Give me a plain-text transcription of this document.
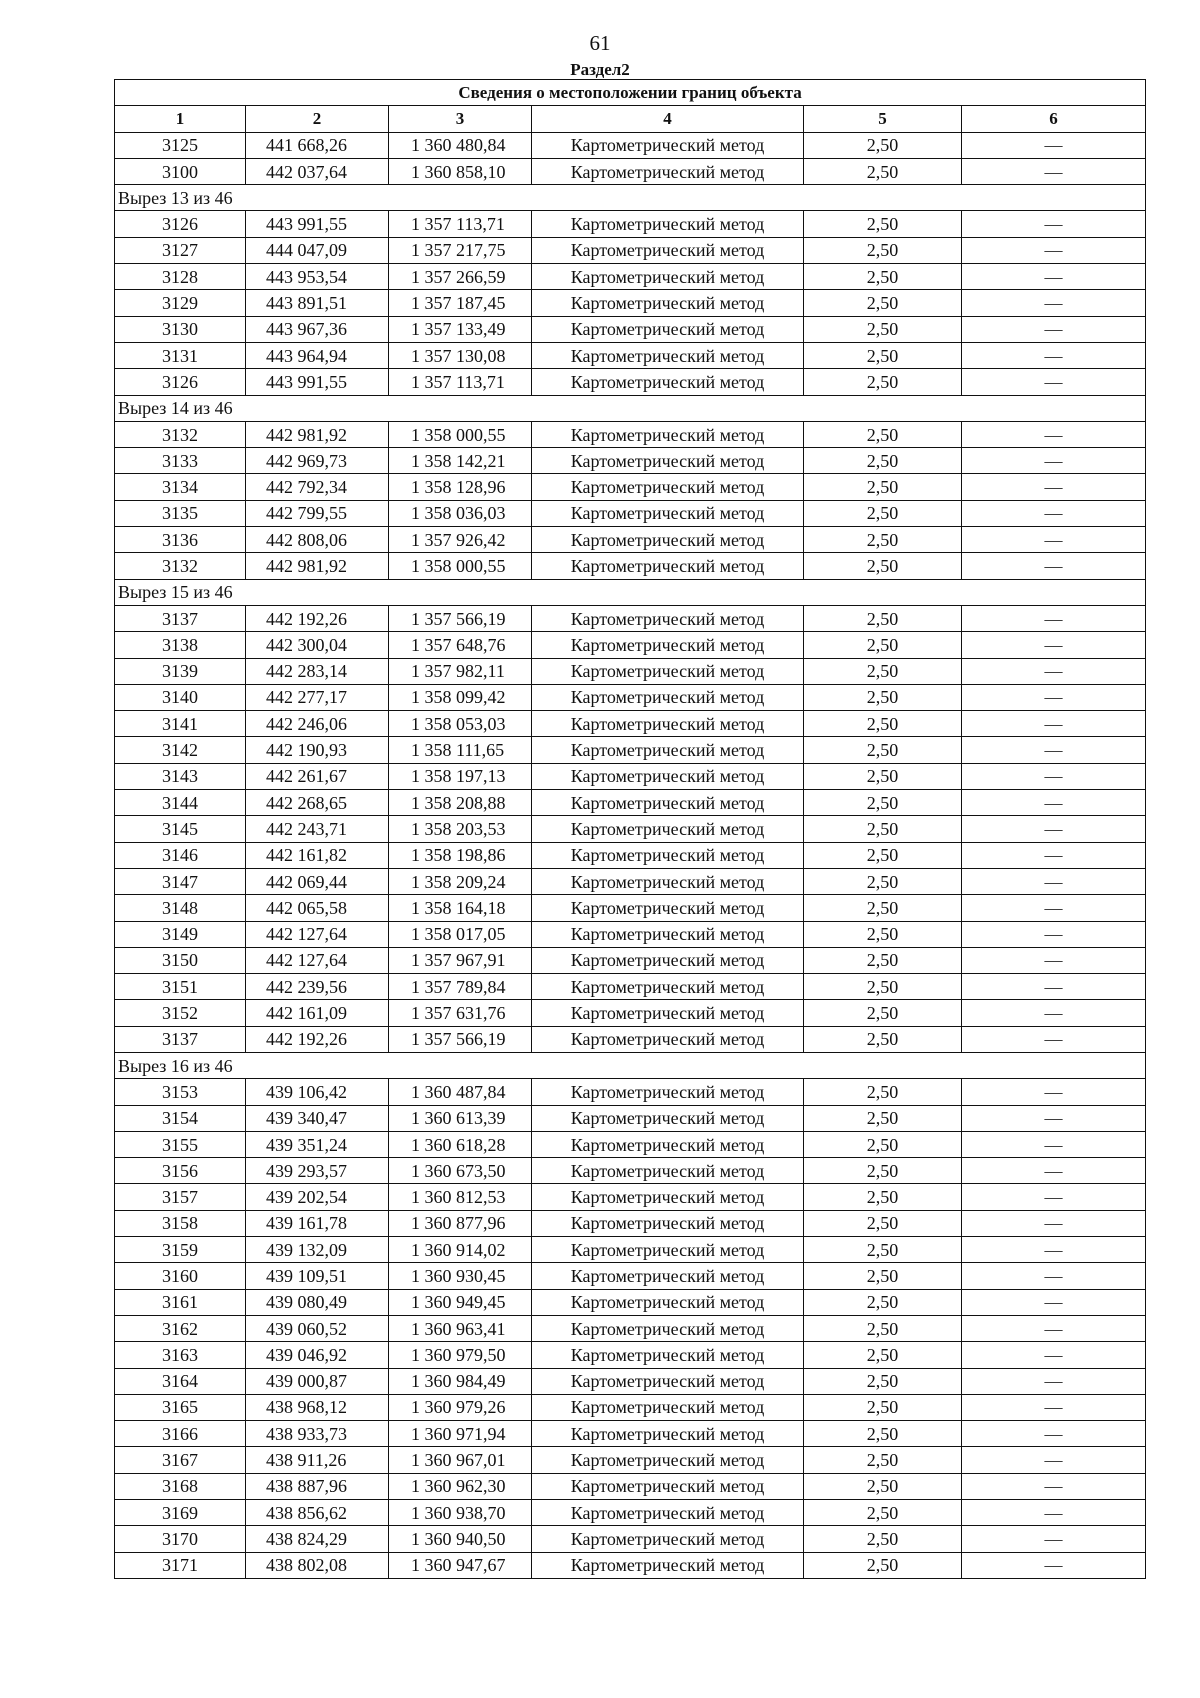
61
Раздел2
Сведения о местоположении границ объекта					
1	2	3	4	5	6
3125	441 668,26	1 360 480,84	Картометрический метод	2,50	—
3100	442 037,64	1 360 858,10	Картометрический метод	2,50	—
Вырез 13 из 46					
3126	443 991,55	1 357 113,71	Картометрический метод	2,50	—
3127	444 047,09	1 357 217,75	Картометрический метод	2,50	—
3128	443 953,54	1 357 266,59	Картометрический метод	2,50	—
3129	443 891,51	1 357 187,45	Картометрический метод	2,50	—
3130	443 967,36	1 357 133,49	Картометрический метод	2,50	—
3131	443 964,94	1 357 130,08	Картометрический метод	2,50	—
3126	443 991,55	1 357 113,71	Картометрический метод	2,50	—
Вырез 14 из 46					
3132	442 981,92	1 358 000,55	Картометрический метод	2,50	—
3133	442 969,73	1 358 142,21	Картометрический метод	2,50	—
3134	442 792,34	1 358 128,96	Картометрический метод	2,50	—
3135	442 799,55	1 358 036,03	Картометрический метод	2,50	—
3136	442 808,06	1 357 926,42	Картометрический метод	2,50	—
3132	442 981,92	1 358 000,55	Картометрический метод	2,50	—
Вырез 15 из 46					
3137	442 192,26	1 357 566,19	Картометрический метод	2,50	—
3138	442 300,04	1 357 648,76	Картометрический метод	2,50	—
3139	442 283,14	1 357 982,11	Картометрический метод	2,50	—
3140	442 277,17	1 358 099,42	Картометрический метод	2,50	—
3141	442 246,06	1 358 053,03	Картометрический метод	2,50	—
3142	442 190,93	1 358 111,65	Картометрический метод	2,50	—
3143	442 261,67	1 358 197,13	Картометрический метод	2,50	—
3144	442 268,65	1 358 208,88	Картометрический метод	2,50	—
3145	442 243,71	1 358 203,53	Картометрический метод	2,50	—
3146	442 161,82	1 358 198,86	Картометрический метод	2,50	—
3147	442 069,44	1 358 209,24	Картометрический метод	2,50	—
3148	442 065,58	1 358 164,18	Картометрический метод	2,50	—
3149	442 127,64	1 358 017,05	Картометрический метод	2,50	—
3150	442 127,64	1 357 967,91	Картометрический метод	2,50	—
3151	442 239,56	1 357 789,84	Картометрический метод	2,50	—
3152	442 161,09	1 357 631,76	Картометрический метод	2,50	—
3137	442 192,26	1 357 566,19	Картометрический метод	2,50	—
Вырез 16 из 46					
3153	439 106,42	1 360 487,84	Картометрический метод	2,50	—
3154	439 340,47	1 360 613,39	Картометрический метод	2,50	—
3155	439 351,24	1 360 618,28	Картометрический метод	2,50	—
3156	439 293,57	1 360 673,50	Картометрический метод	2,50	—
3157	439 202,54	1 360 812,53	Картометрический метод	2,50	—
3158	439 161,78	1 360 877,96	Картометрический метод	2,50	—
3159	439 132,09	1 360 914,02	Картометрический метод	2,50	—
3160	439 109,51	1 360 930,45	Картометрический метод	2,50	—
3161	439 080,49	1 360 949,45	Картометрический метод	2,50	—
3162	439 060,52	1 360 963,41	Картометрический метод	2,50	—
3163	439 046,92	1 360 979,50	Картометрический метод	2,50	—
3164	439 000,87	1 360 984,49	Картометрический метод	2,50	—
3165	438 968,12	1 360 979,26	Картометрический метод	2,50	—
3166	438 933,73	1 360 971,94	Картометрический метод	2,50	—
3167	438 911,26	1 360 967,01	Картометрический метод	2,50	—
3168	438 887,96	1 360 962,30	Картометрический метод	2,50	—
3169	438 856,62	1 360 938,70	Картометрический метод	2,50	—
3170	438 824,29	1 360 940,50	Картометрический метод	2,50	—
3171	438 802,08	1 360 947,67	Картометрический метод	2,50	—
